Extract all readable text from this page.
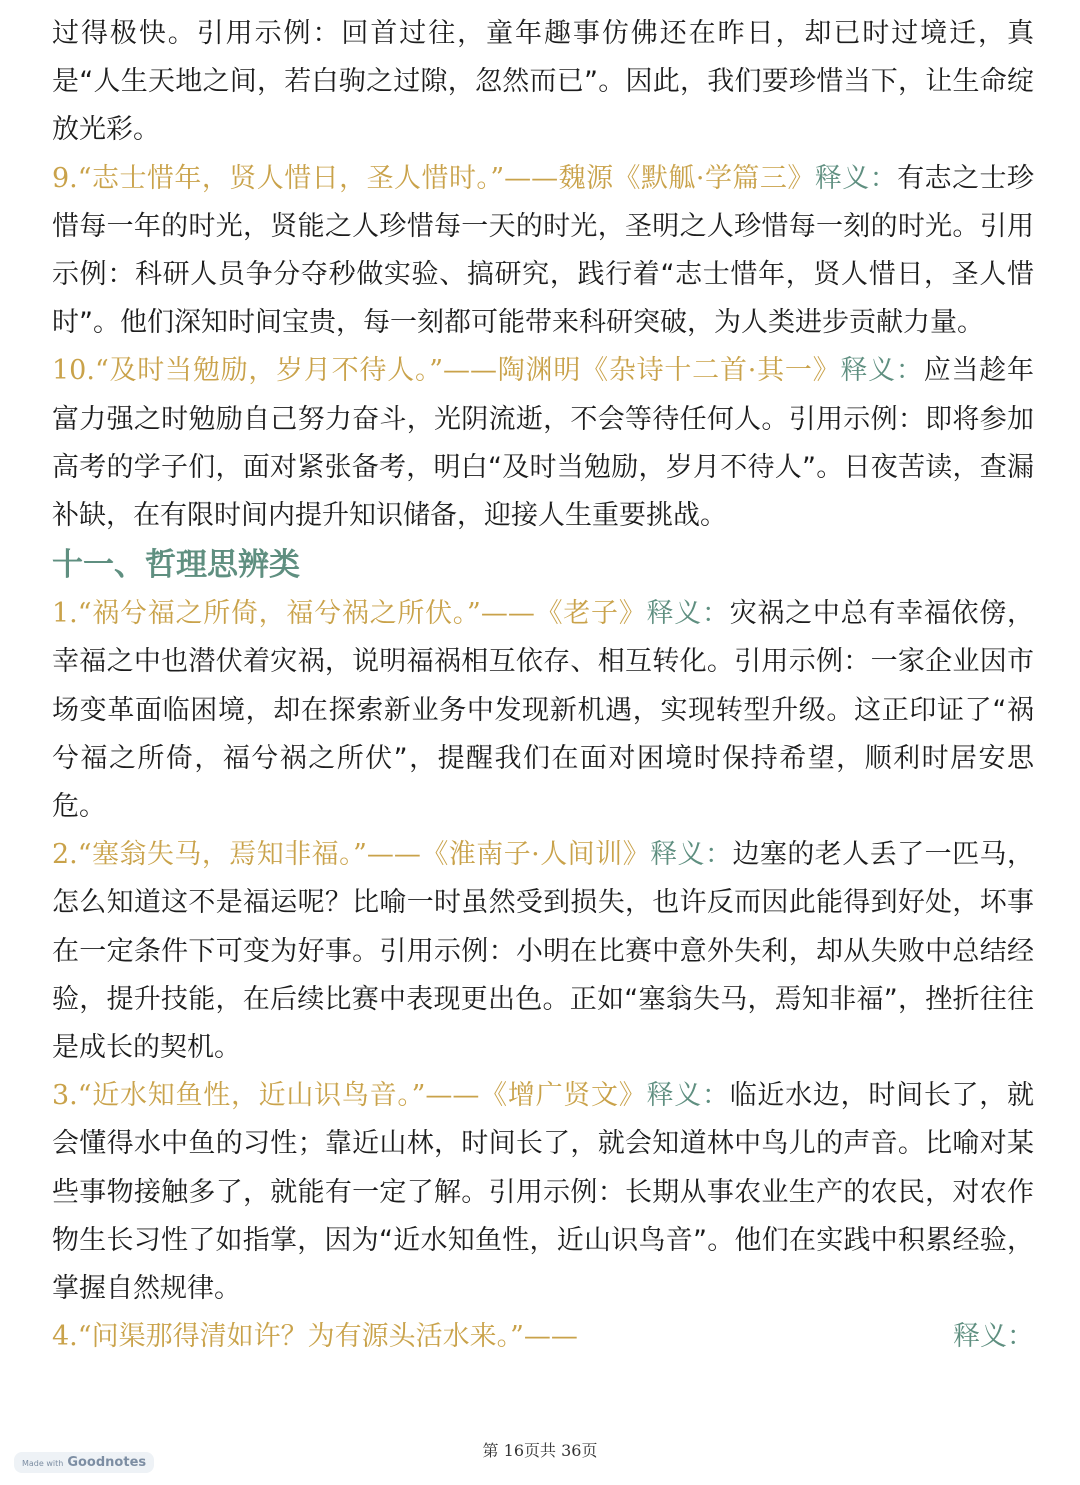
过得极快。引用示例：回首过往，童年趣事仿佛还在昨日，却已时过境迁，真是“人生天地之间，若白驹之过隙，忽然而已”。因此，我们要珍惜当下，让生命绽放光彩。

9.“志士惜年，贤人惜日，圣人惜时。”——魏源《默觚·学篇三》释义：有志之士珍惜每一年的时光，贤能之人珍惜每一天的时光，圣明之人珍惜每一刻的时光。引用示例：科研人员争分夺秒做实验、搞研究，践行着“志士惜年，贤人惜日，圣人惜时”。他们深知时间宝贵，每一刻都可能带来科研突破，为人类进步贡献力量。

10.“及时当勉励，岁月不待人。”——陶渊明《杂诗十二首·其一》释义：应当趁年富力强之时勉励自己努力奋斗，光阴流逝，不会等待任何人。引用示例：即将参加高考的学子们，面对紧张备考，明白“及时当勉励，岁月不待人”。日夜苦读，查漏补缺，在有限时间内提升知识储备，迎接人生重要挑战。

十一、哲理思辨类

1.“祸兮福之所倚，福兮祸之所伏。”——《老子》释义：灾祸之中总有幸福依傍，幸福之中也潜伏着灾祸，说明福祸相互依存、相互转化。引用示例：一家企业因市场变革面临困境，却在探索新业务中发现新机遇，实现转型升级。这正印证了“祸兮福之所倚，福兮祸之所伏”，提醒我们在面对困境时保持希望，顺利时居安思危。

2.“塞翁失马，焉知非福。”——《淮南子·人间训》释义：边塞的老人丢了一匹马，怎么知道这不是福运呢？比喻一时虽然受到损失，也许反而因此能得到好处，坏事在一定条件下可变为好事。引用示例：小明在比赛中意外失利，却从失败中总结经验，提升技能，在后续比赛中表现更出色。正如“塞翁失马，焉知非福”，挫折往往是成长的契机。

3.“近水知鱼性，近山识鸟音。”——《增广贤文》释义：临近水边，时间长了，就会懂得水中鱼的习性；靠近山林，时间长了，就会知道林中鸟儿的声音。比喻对某些事物接触多了，就能有一定了解。引用示例：长期从事农业生产的农民，对农作物生长习性了如指掌，因为“近水知鱼性，近山识鸟音”。他们在实践中积累经验，掌握自然规律。

4.“问渠那得清如许？为有源头活水来。”——	释义：

第 16页共 36页
Made with Goodnotes
